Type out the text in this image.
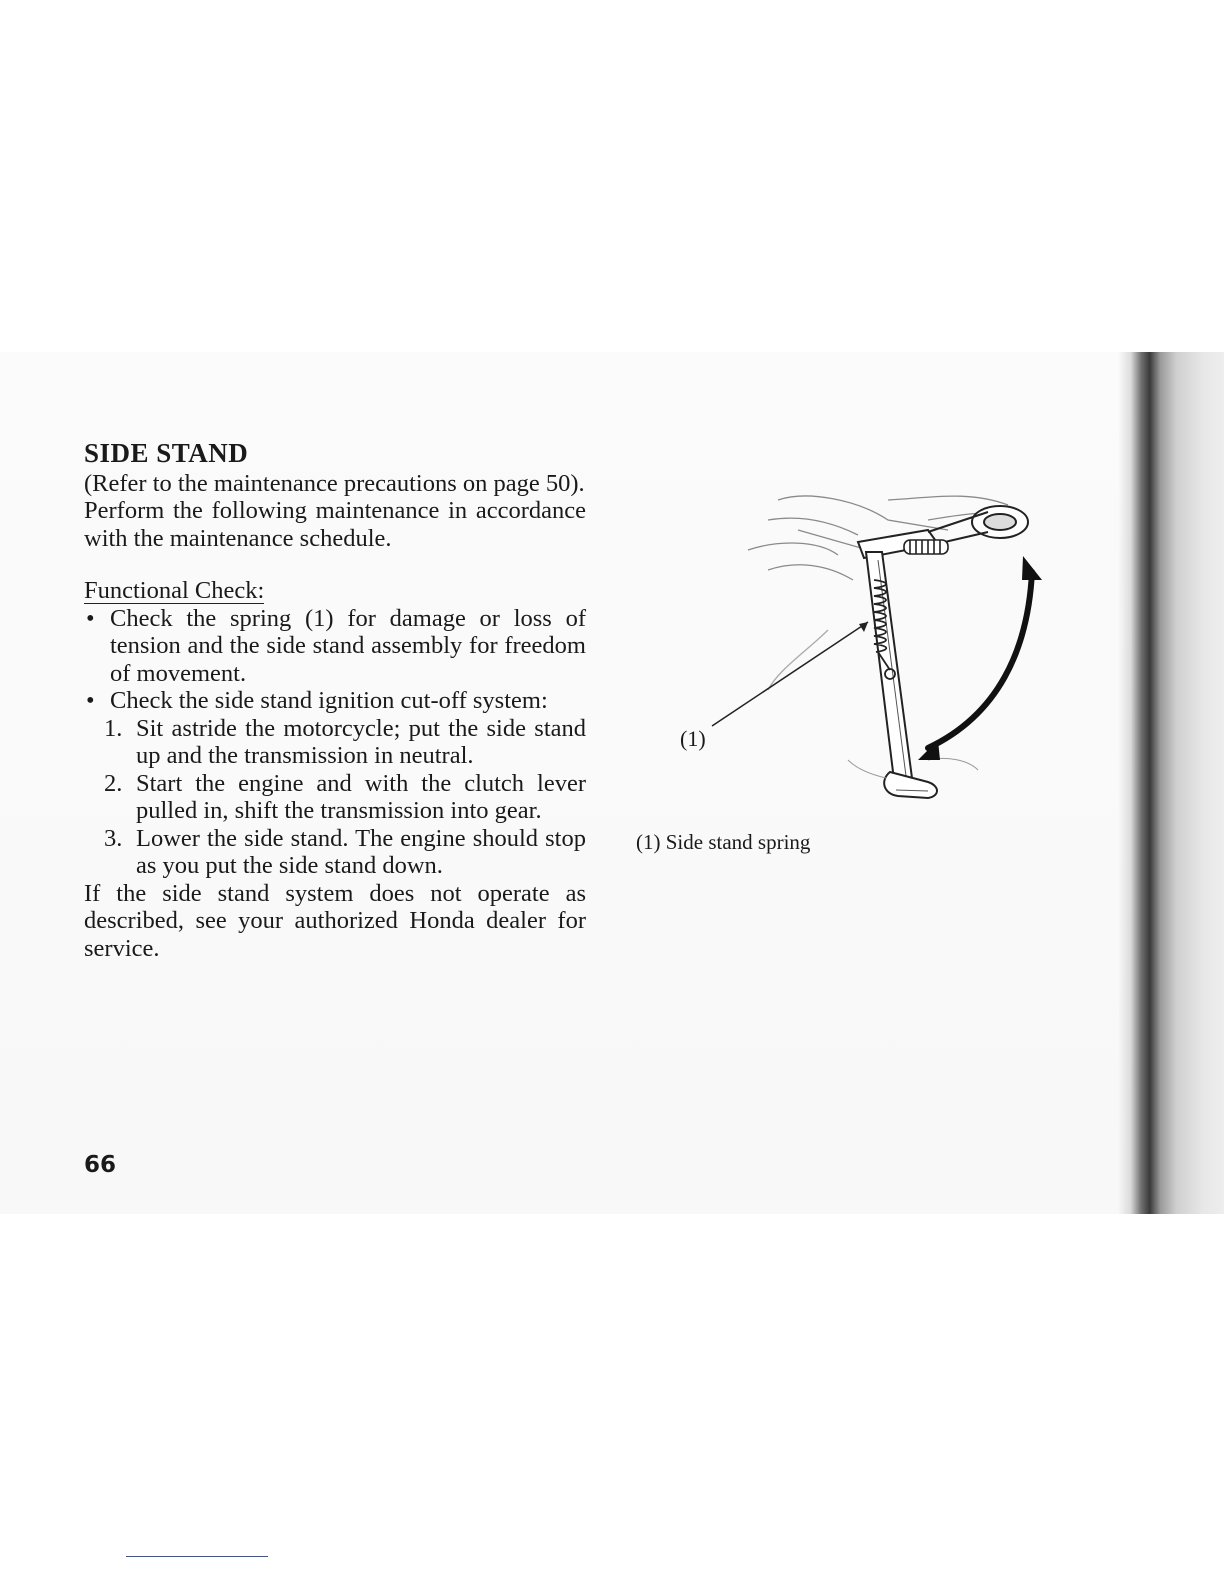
SIDE STAND

(Refer to the maintenance precautions on page 50).

Perform the following maintenance in accordance with the maintenance schedule.

Functional Check:
• Check the spring (1) for damage or loss of tension and the side stand assembly for freedom of movement.
• Check the side stand ignition cut-off system:
1. Sit astride the motorcycle; put the side stand up and the transmission in neutral.
2. Start the engine and with the clutch lever pulled in, shift the transmission into gear.
3. Lower the side stand. The engine should stop as you put the side stand down.

If the side stand system does not operate as described, see your authorized Honda dealer for service.

66
(1)
(1) Side stand spring
